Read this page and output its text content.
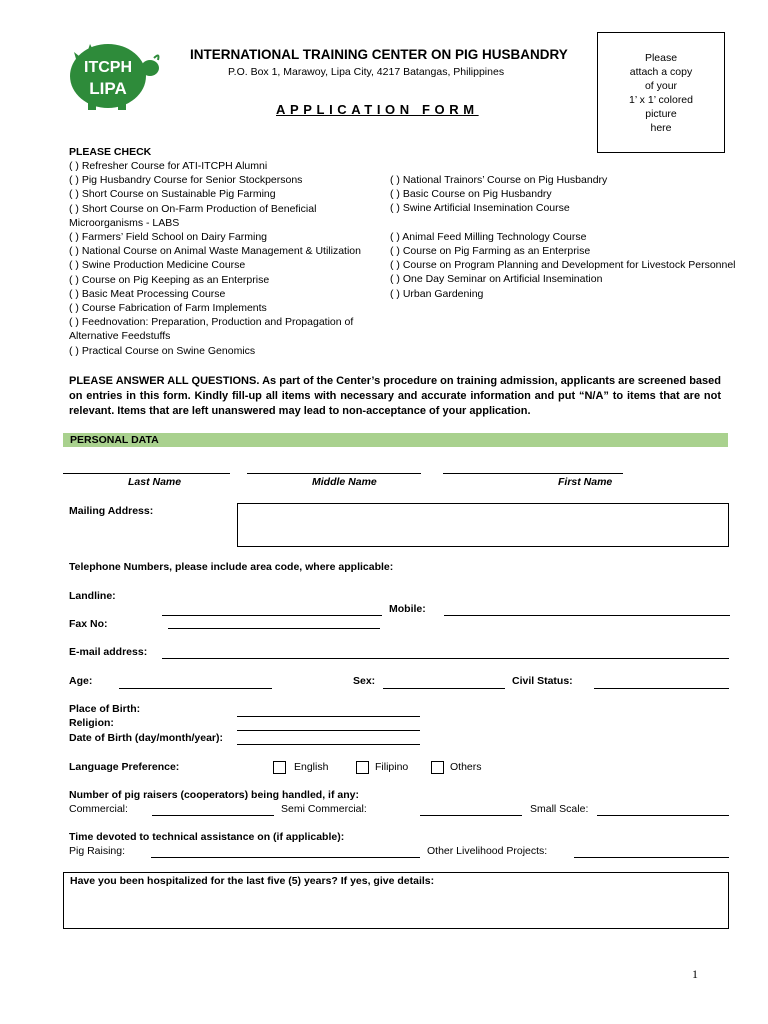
ITCPH
LIPA
INTERNATIONAL TRAINING CENTER ON PIG HUSBANDRY
P.O. Box 1, Marawoy, Lipa City, 4217 Batangas, Philippines
APPLICATION FORM
Please
attach a copy
of your
1’ x 1’ colored
picture
here
PLEASE CHECK
( ) Refresher Course for ATI-ITCPH Alumni
( ) Pig Husbandry Course for Senior Stockpersons
( ) Short Course on Sustainable Pig Farming
( ) Short Course on On-Farm Production of Beneficial
Microorganisms - LABS
( ) Farmers’ Field School on Dairy Farming
( ) National Course on Animal Waste Management & Utilization
( ) Swine Production Medicine Course
( ) Course on Pig Keeping as an Enterprise
( ) Basic Meat Processing Course
( ) Course Fabrication of Farm Implements
( ) Feednovation: Preparation, Production and Propagation of
Alternative Feedstuffs
( ) Practical Course on Swine Genomics
( ) National Trainors’ Course on Pig Husbandry
( ) Basic Course on Pig Husbandry
( ) Swine Artificial Insemination Course
( ) Animal Feed Milling Technology Course
( ) Course on Pig Farming as an Enterprise
( ) Course on Program Planning and Development for Livestock Personnel
( ) One Day Seminar on Artificial Insemination
( ) Urban Gardening
PLEASE ANSWER ALL QUESTIONS. As part of the Center’s procedure on training admission, applicants are screened based on entries in this form. Kindly fill-up all items with necessary and accurate information and put “N/A” to items that are not relevant. Items that are left unanswered may lead to non-acceptance of your application.
PERSONAL DATA
Last Name	Middle Name	First Name
Mailing Address:
Telephone Numbers, please include area code, where applicable:
Landline:
Mobile:
Fax No:
E-mail address:
Age:	Sex:	Civil Status:
Place of Birth:
Religion:
Date of Birth (day/month/year):
Language Preference:	English	Filipino	Others
Number of pig raisers (cooperators) being handled, if any:
Commercial:	Semi Commercial:	Small Scale:
Time devoted to technical assistance on (if applicable):
Pig Raising:	Other Livelihood Projects:
Have you been hospitalized for the last five (5) years? If yes, give details:
1
